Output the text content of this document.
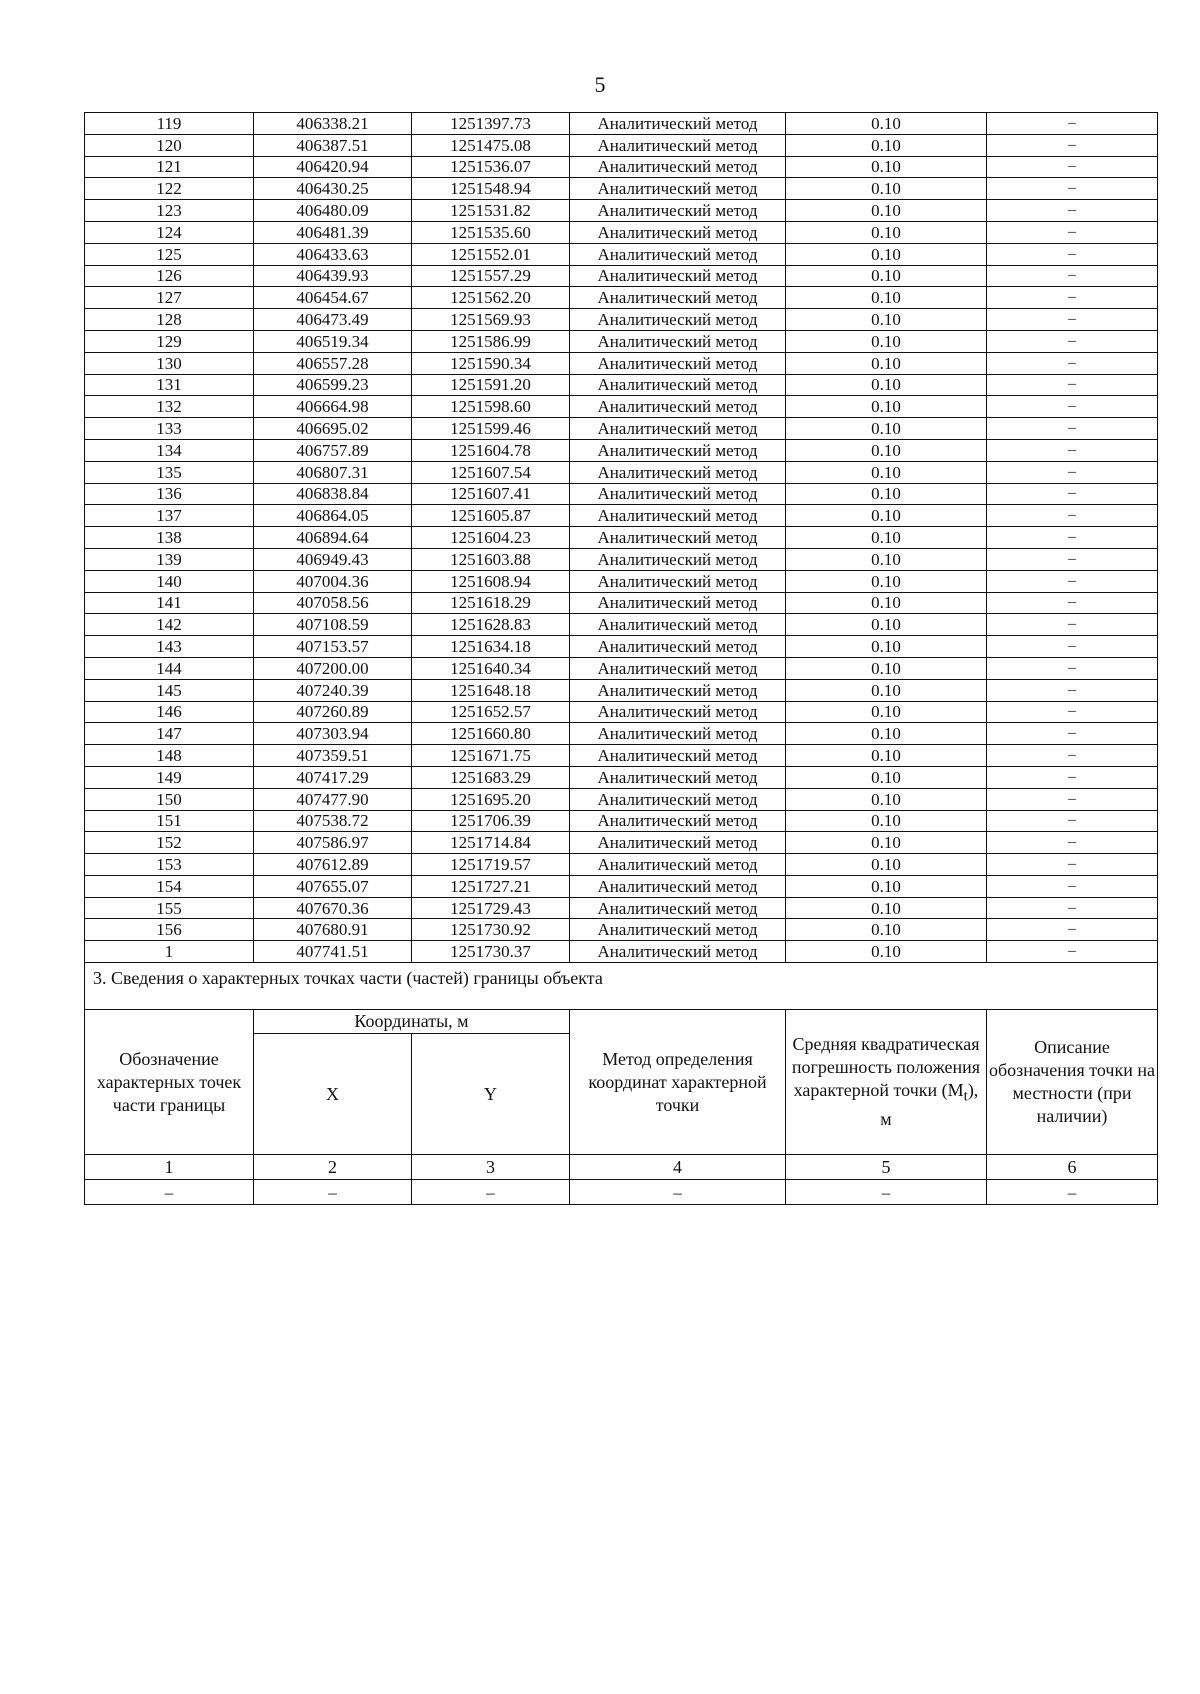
5
119	406338.21	1251397.73	Аналитический метод	0.10	–
120	406387.51	1251475.08	Аналитический метод	0.10	–
121	406420.94	1251536.07	Аналитический метод	0.10	–
122	406430.25	1251548.94	Аналитический метод	0.10	–
123	406480.09	1251531.82	Аналитический метод	0.10	–
124	406481.39	1251535.60	Аналитический метод	0.10	–
125	406433.63	1251552.01	Аналитический метод	0.10	–
126	406439.93	1251557.29	Аналитический метод	0.10	–
127	406454.67	1251562.20	Аналитический метод	0.10	–
128	406473.49	1251569.93	Аналитический метод	0.10	–
129	406519.34	1251586.99	Аналитический метод	0.10	–
130	406557.28	1251590.34	Аналитический метод	0.10	–
131	406599.23	1251591.20	Аналитический метод	0.10	–
132	406664.98	1251598.60	Аналитический метод	0.10	–
133	406695.02	1251599.46	Аналитический метод	0.10	–
134	406757.89	1251604.78	Аналитический метод	0.10	–
135	406807.31	1251607.54	Аналитический метод	0.10	–
136	406838.84	1251607.41	Аналитический метод	0.10	–
137	406864.05	1251605.87	Аналитический метод	0.10	–
138	406894.64	1251604.23	Аналитический метод	0.10	–
139	406949.43	1251603.88	Аналитический метод	0.10	–
140	407004.36	1251608.94	Аналитический метод	0.10	–
141	407058.56	1251618.29	Аналитический метод	0.10	–
142	407108.59	1251628.83	Аналитический метод	0.10	–
143	407153.57	1251634.18	Аналитический метод	0.10	–
144	407200.00	1251640.34	Аналитический метод	0.10	–
145	407240.39	1251648.18	Аналитический метод	0.10	–
146	407260.89	1251652.57	Аналитический метод	0.10	–
147	407303.94	1251660.80	Аналитический метод	0.10	–
148	407359.51	1251671.75	Аналитический метод	0.10	–
149	407417.29	1251683.29	Аналитический метод	0.10	–
150	407477.90	1251695.20	Аналитический метод	0.10	–
151	407538.72	1251706.39	Аналитический метод	0.10	–
152	407586.97	1251714.84	Аналитический метод	0.10	–
153	407612.89	1251719.57	Аналитический метод	0.10	–
154	407655.07	1251727.21	Аналитический метод	0.10	–
155	407670.36	1251729.43	Аналитический метод	0.10	–
156	407680.91	1251730.92	Аналитический метод	0.10	–
1	407741.51	1251730.37	Аналитический метод	0.10	–
3. Сведения о характерных точках части (частей) границы объекта					
Обозначение характерных точек части границы	Координаты, м		Метод определения координат характерной точки	Средняя квадратическая погрешность положения характерной точки $(M_t)$, м	Описание обозначения точки на местности (при наличии)
	X	Y			
1	2	3	4	5	6
–	–	–	–	–	–
